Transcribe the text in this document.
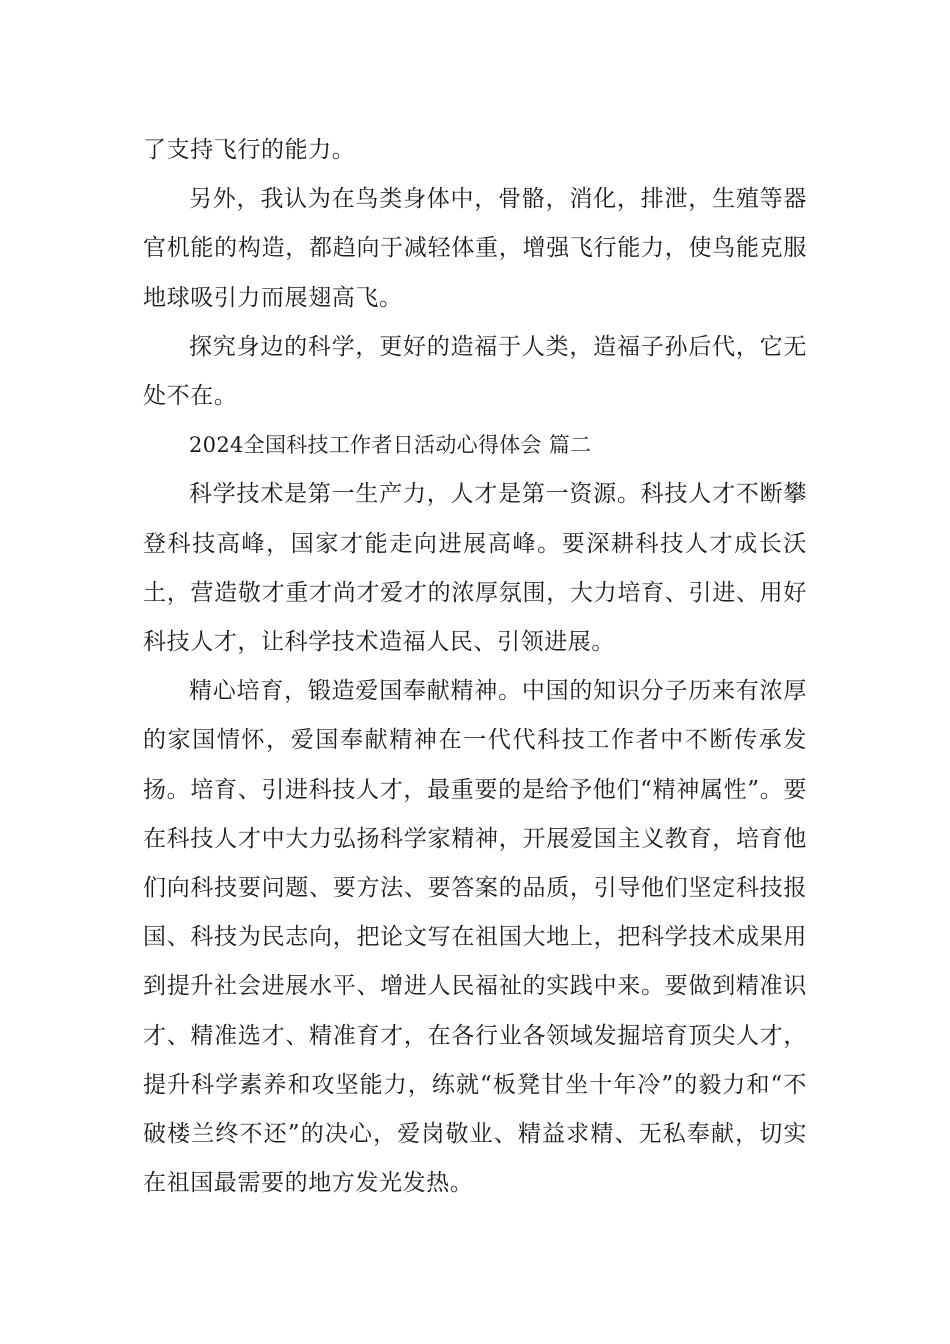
了支持飞行的能力。

另外，我认为在鸟类身体中，骨骼，消化，排泄，生殖等器官机能的构造，都趋向于减轻体重，增强飞行能力，使鸟能克服地球吸引力而展翅高飞。

探究身边的科学，更好的造福于人类，造福子孙后代，它无处不在。

2024全国科技工作者日活动心得体会 篇二

科学技术是第一生产力，人才是第一资源。科技人才不断攀登科技高峰，国家才能走向进展高峰。要深耕科技人才成长沃土，营造敬才重才尚才爱才的浓厚氛围，大力培育、引进、用好科技人才，让科学技术造福人民、引领进展。

精心培育，锻造爱国奉献精神。中国的知识分子历来有浓厚的家国情怀，爱国奉献精神在一代代科技工作者中不断传承发扬。培育、引进科技人才，最重要的是给予他们“精神属性”。要在科技人才中大力弘扬科学家精神，开展爱国主义教育，培育他们向科技要问题、要方法、要答案的品质，引导他们坚定科技报国、科技为民志向，把论文写在祖国大地上，把科学技术成果用到提升社会进展水平、增进人民福祉的实践中来。要做到精准识才、精准选才、精准育才，在各行业各领域发掘培育顶尖人才，提升科学素养和攻坚能力，练就“板凳甘坐十年冷”的毅力和“不破楼兰终不还”的决心，爱岗敬业、精益求精、无私奉献，切实在祖国最需要的地方发光发热。
